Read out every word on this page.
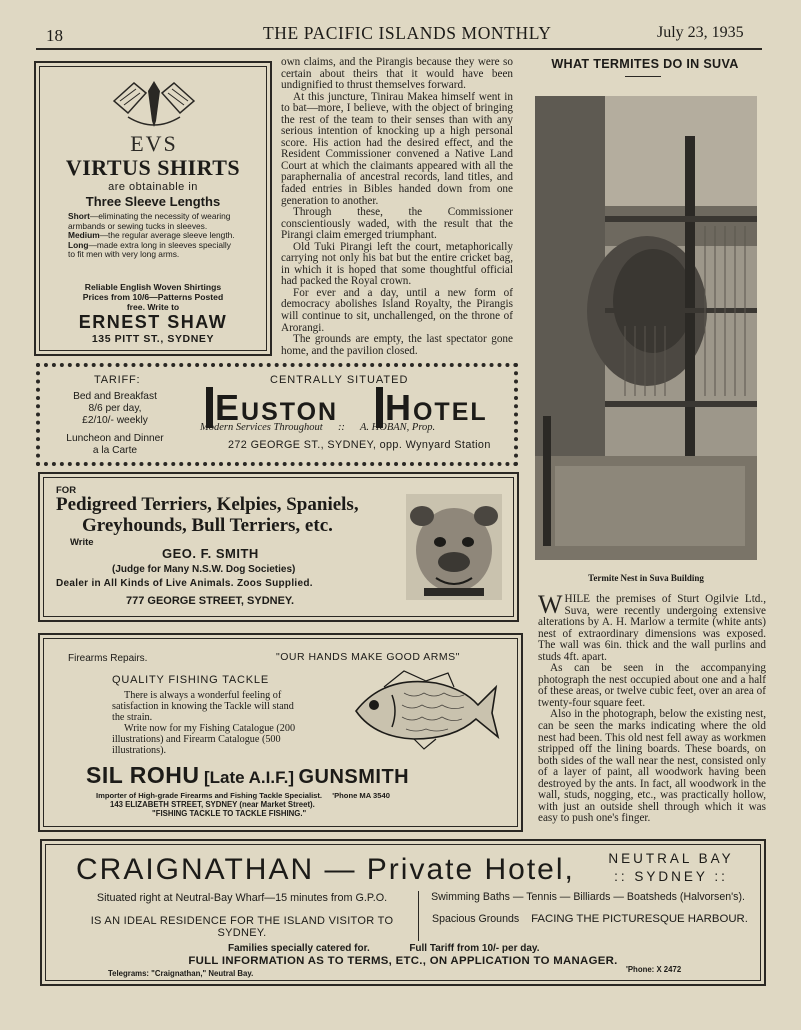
18	THE PACIFIC ISLANDS MONTHLY	July 23, 1935
EVS
VIRTUS SHIRTS
are obtainable in
Three Sleeve Lengths
Short—eliminating the necessity of wearing armbands or sewing tucks in sleeves.
Medium—the regular average sleeve length.
Long—made extra long in sleeves specially to fit men with very long arms.
Reliable English Woven Shirtings
Prices from 10/6—Patterns Posted
free. Write to
ERNEST SHAW
135 PITT ST., SYDNEY

own claims, and the Pirangis because they were so certain about theirs that it would have been undignified to thrust themselves forward.

At this juncture, Tinirau Makea himself went in to bat—more, I believe, with the object of bringing the rest of the team to their senses than with any serious intention of knocking up a high personal score. His action had the desired effect, and the Resident Commissioner convened a Native Land Court at which the claimants appeared with all the paraphernalia of ancestral records, land titles, and faded entries in Bibles handed down from one generation to another.

Through these, the Commissioner conscientiously waded, with the result that the Pirangi claim emerged triumphant.

Old Tuki Pirangi left the court, metaphorically carrying not only his bat but the entire cricket bag, in which it is hoped that some thoughtful official had packed the Royal crown.

For ever and a day, until a new form of democracy abolishes Island Royalty, the Pirangis will continue to sit, unchallenged, on the throne of Arorangi.

The grounds are empty, the last spectator gone home, and the pavilion closed.

WHAT TERMITES DO IN SUVA
Termite Nest in Suva Building

WHILE the premises of Sturt Ogilvie Ltd., Suva, were recently undergoing extensive alterations by A. H. Marlow a termite (white ants) nest of extraordinary dimensions was exposed. The wall was 6in. thick and the wall purlins and studs 4ft. apart.

As can be seen in the accompanying photograph the nest occupied about one and a half of these areas, or twelve cubic feet, over an area of twenty-four square feet.

Also in the photograph, below the existing nest, can be seen the marks indicating where the old nest had been. This old nest fell away as workmen stripped off the lining boards. These boards, on both sides of the wall near the nest, consisted only of a layer of paint, all woodwork having been destroyed by the ants. In fact, all woodwork in the wall, studs, nogging, etc., was practically hollow, with just an outside shell through which it was easy to push one's finger.

TARIFF:
Bed and Breakfast
8/6 per day,
£2/10/- weekly
Luncheon and Dinner
a la Carte
CENTRALLY SITUATED
EUSTON HOTEL
Modern Services Throughout :: A. HOBAN, Prop.
272 GEORGE ST., SYDNEY, opp. Wynyard Station
FOR
Pedigreed Terriers, Kelpies, Spaniels,
Greyhounds, Bull Terriers, etc.
Write
GEO. F. SMITH
(Judge for Many N.S.W. Dog Societies)
Dealer in All Kinds of Live Animals. Zoos Supplied.
777 GEORGE STREET, SYDNEY.
Firearms Repairs.	"OUR HANDS MAKE GOOD ARMS"
QUALITY FISHING TACKLE
There is always a wonderful feeling of satisfaction in knowing the Tackle will stand the strain.
Write now for my Fishing Catalogue (200 illustrations) and Firearm Catalogue (500 illustrations).
SIL ROHU [Late A.I.F.] GUNSMITH
Importer of High-grade Firearms and Fishing Tackle Specialist. 'Phone MA 3540
143 ELIZABETH STREET, SYDNEY (near Market Street).
"FISHING TACKLE TO TACKLE FISHING."
CRAIGNATHAN — Private Hotel,	NEUTRAL BAY
:: SYDNEY ::
Situated right at Neutral-Bay Wharf—15 minutes from G.P.O.
IS AN IDEAL RESIDENCE FOR THE ISLAND VISITOR TO SYDNEY.
Swimming Baths — Tennis — Billiards — Boatsheds (Halvorsen's).
Spacious Grounds FACING THE PICTURESQUE HARBOUR.
Families specially catered for.	Full Tariff from 10/- per day.
FULL INFORMATION AS TO TERMS, ETC., ON APPLICATION TO MANAGER.
Telegrams: "Craignathan," Neutral Bay.	'Phone: X 2472
